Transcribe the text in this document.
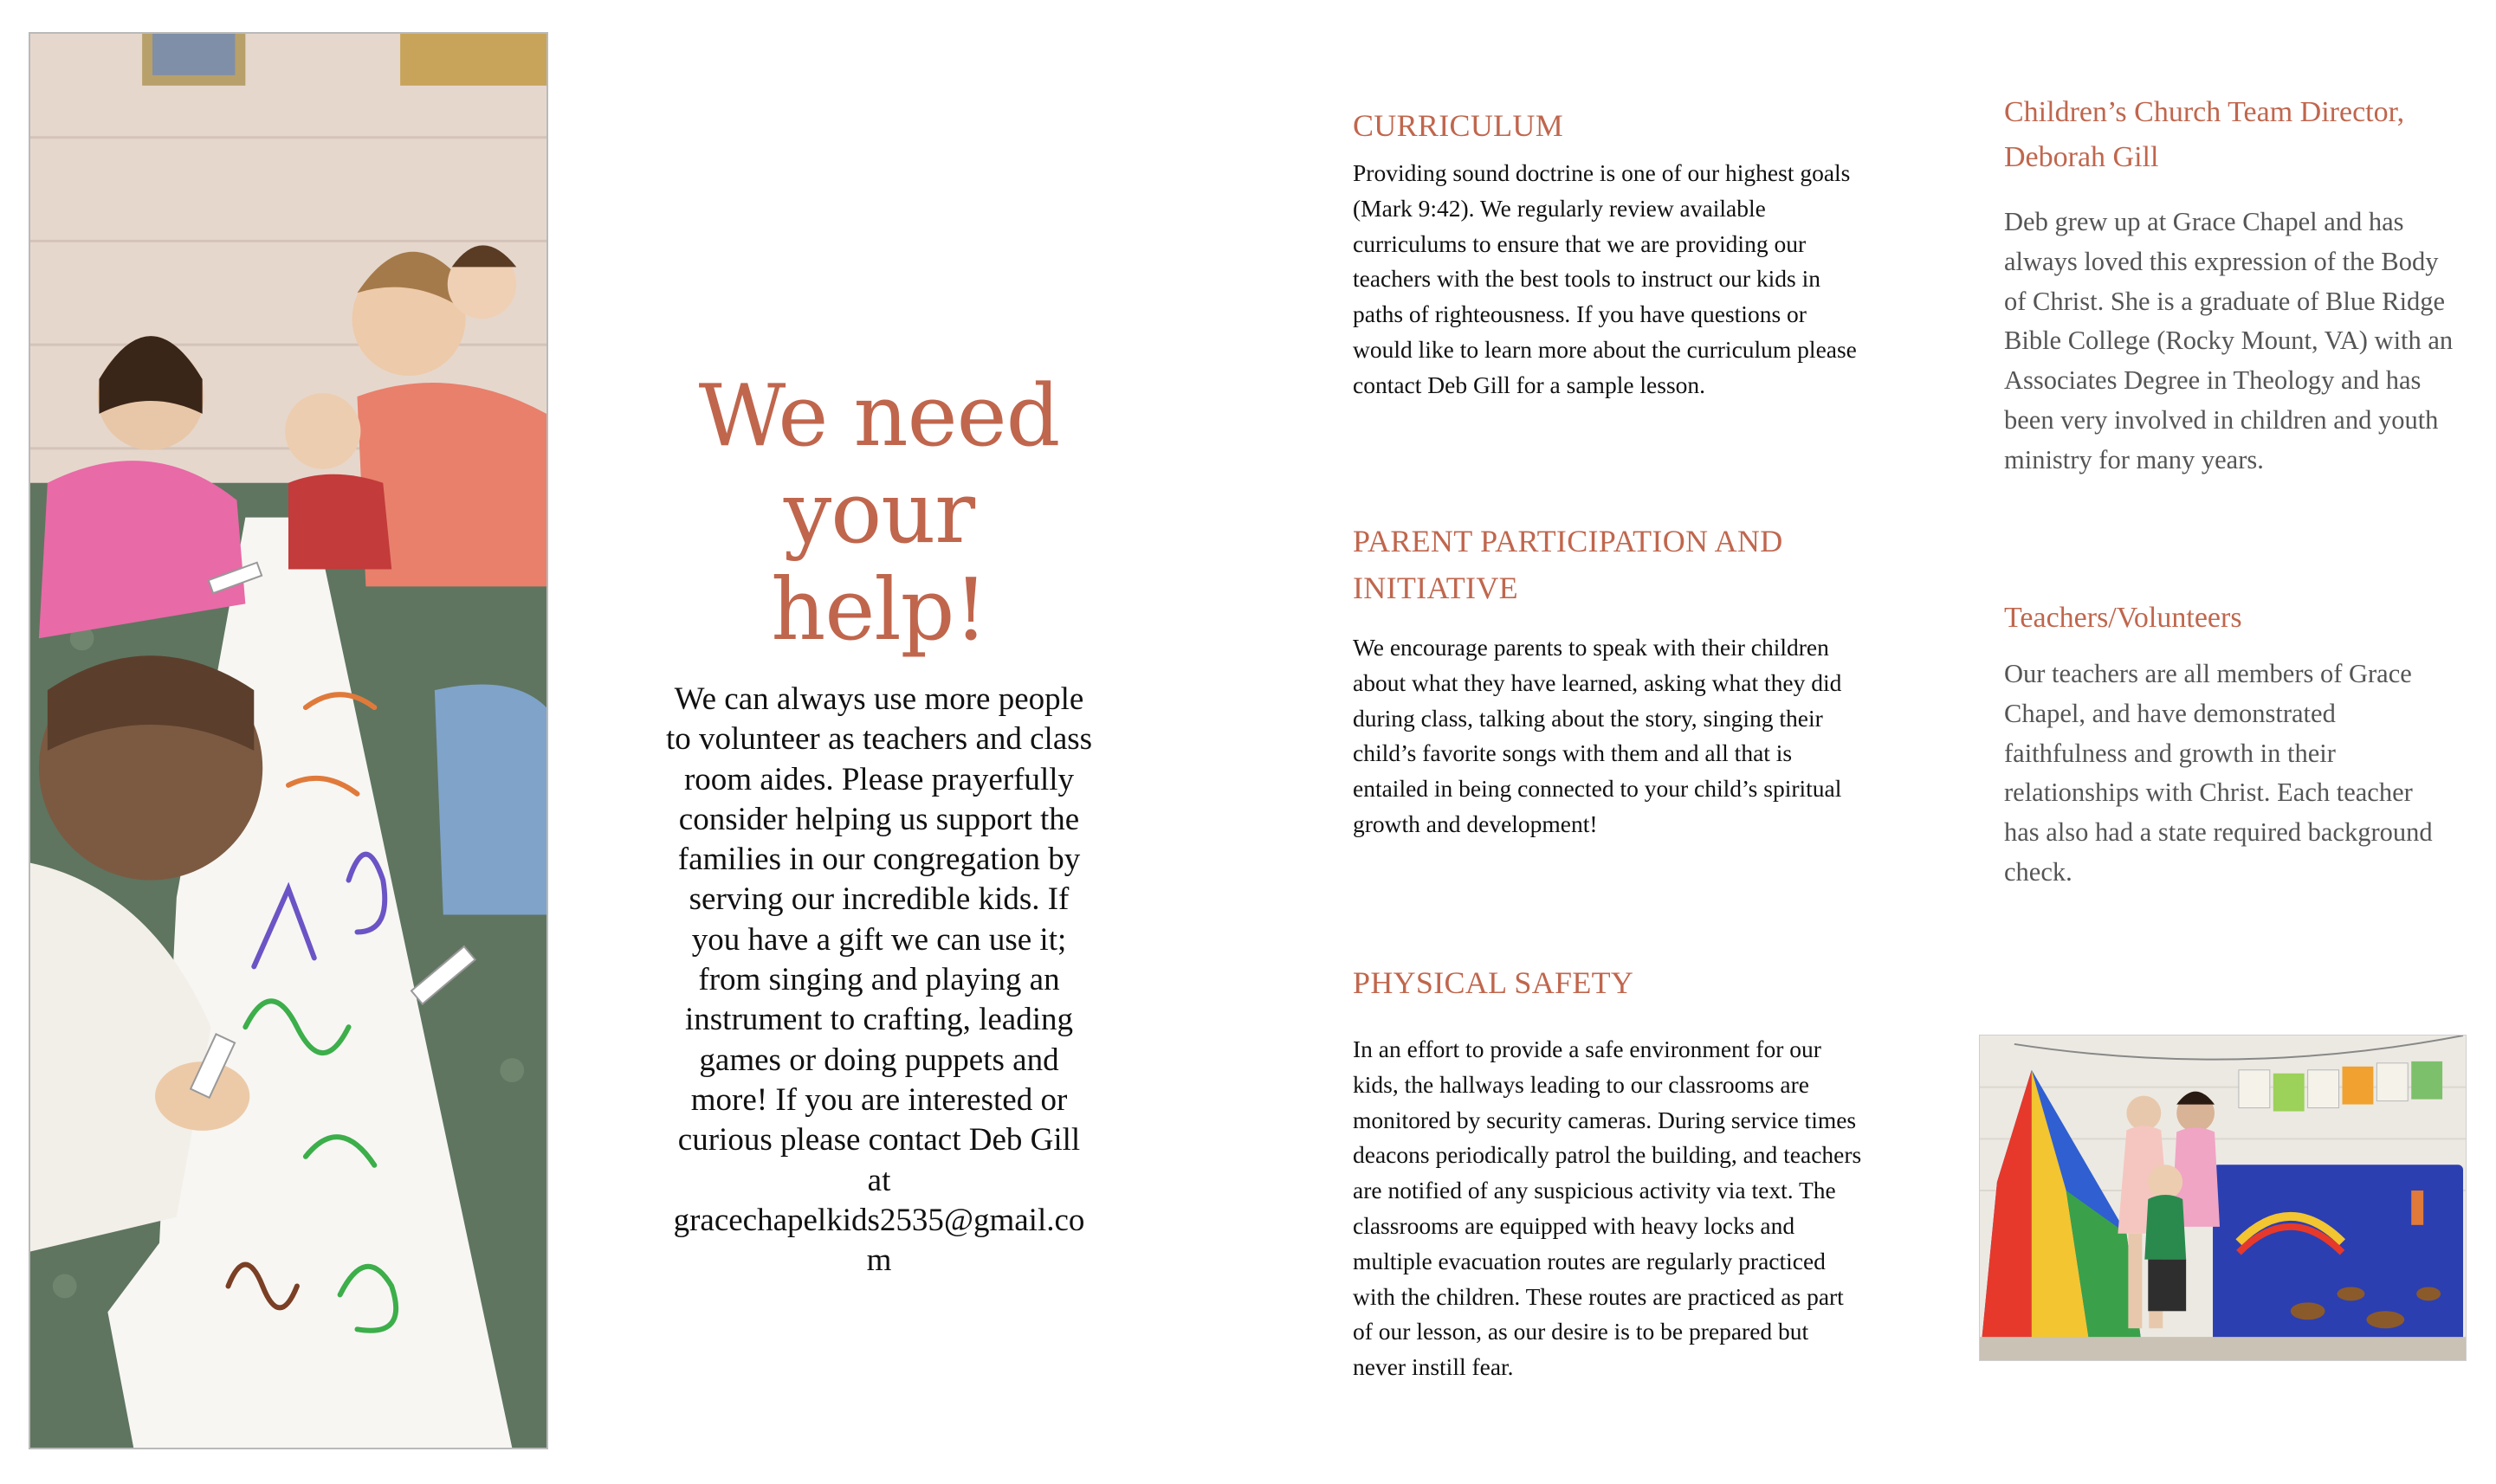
We need your help!

We can always use more people to volunteer as teachers and class room aides. Please prayerfully consider helping us support the families in our congregation by serving our incredible kids. If you have a gift we can use it; from singing and playing an instrument to crafting, leading games or doing puppets and more! If you are interested or curious please contact Deb Gill at gracechapelkids2535@gmail.com

CURRICULUM

Providing sound doctrine is one of our highest goals (Mark 9:42). We regularly review available curriculums to ensure that we are providing our teachers with the best tools to instruct our kids in paths of righteousness. If you have questions or would like to learn more about the curriculum please contact Deb Gill for a sample lesson.

PARENT PARTICIPATION AND INITIATIVE

We encourage parents to speak with their children about what they have learned, asking what they did during class, talking about the story, singing their child’s favorite songs with them and all that is entailed in being connected to your child’s spiritual growth and development!

PHYSICAL SAFETY

In an effort to provide a safe environment for our kids, the hallways leading to our classrooms are monitored by security cameras. During service times deacons periodically patrol the building, and teachers are notified of any suspicious activity via text. The classrooms are equipped with heavy locks and multiple evacuation routes are regularly practiced with the children. These routes are practiced as part of our lesson, as our desire is to be prepared but never instill fear.

Children’s Church Team Director, Deborah Gill

Deb grew up at Grace Chapel and has always loved this expression of the Body of Christ. She is a graduate of Blue Ridge Bible College (Rocky Mount, VA) with an Associates Degree in Theology and has been very involved in children and youth ministry for many years.

Teachers/Volunteers

Our teachers are all members of Grace Chapel, and have demonstrated faithfulness and growth in their relationships with Christ. Each teacher has also had a state required background check.
